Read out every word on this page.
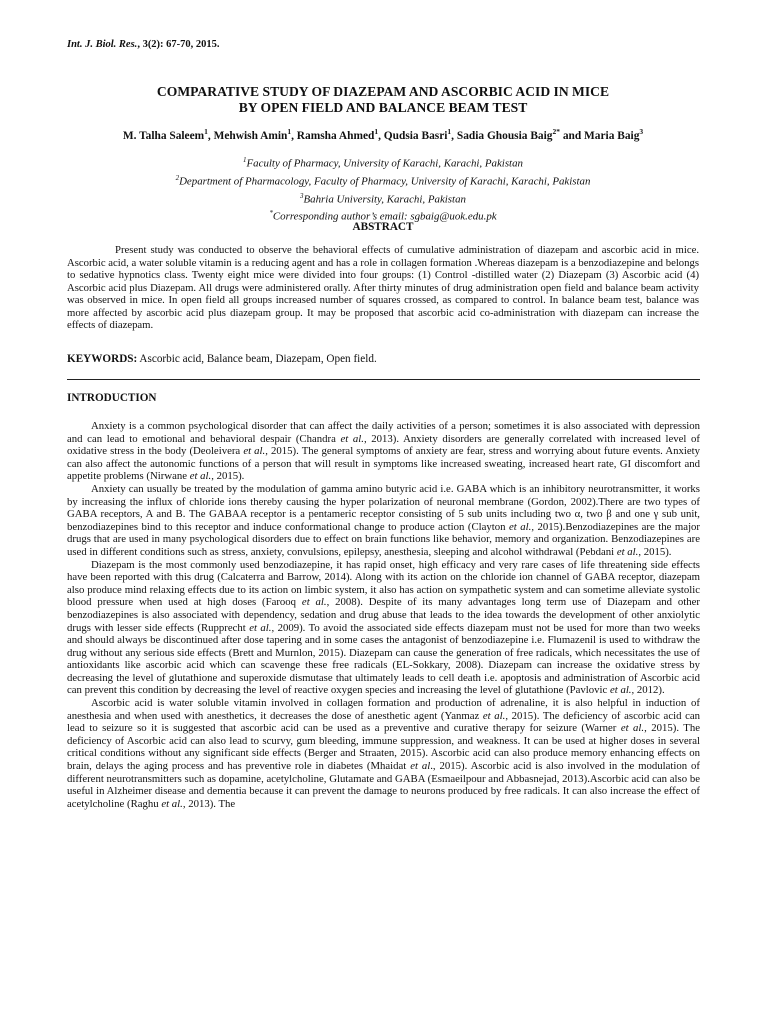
Int. J. Biol. Res., 3(2): 67-70, 2015.
COMPARATIVE STUDY OF DIAZEPAM AND ASCORBIC ACID IN MICE
BY OPEN FIELD AND BALANCE BEAM TEST
M. Talha Saleem$^1$, Mehwish Amin$^1$, Ramsha Ahmed$^1$, Qudsia Basri$^1$, Sadia Ghousia Baig$^{2*}$ and Maria Baig$^3$
$^1$Faculty of Pharmacy, University of Karachi, Karachi, Pakistan
$^2$Department of Pharmacology, Faculty of Pharmacy, University of Karachi, Karachi, Pakistan
$^3$Bahria University, Karachi, Pakistan
*Corresponding author’s email: sgbaig@uok.edu.pk
ABSTRACT

Present study was conducted to observe the behavioral effects of cumulative administration of diazepam and ascorbic acid in mice. Ascorbic acid, a water soluble vitamin is a reducing agent and has a role in collagen formation .Whereas diazepam is a benzodiazepine and belongs to sedative hypnotics class. Twenty eight mice were divided into four groups: (1) Control -distilled water (2) Diazepam (3) Ascorbic acid (4) Ascorbic acid plus Diazepam. All drugs were administered orally. After thirty minutes of drug administration open field and balance beam activity was observed in mice. In open field all groups increased number of squares crossed, as compared to control. In balance beam test, balance was more affected by ascorbic acid plus diazepam group. It may be proposed that ascorbic acid co-administration with diazepam can increase the effects of diazepam.

KEYWORDS: Ascorbic acid, Balance beam, Diazepam, Open field.
INTRODUCTION

Anxiety is a common psychological disorder that can affect the daily activities of a person; sometimes it is also associated with depression and can lead to emotional and behavioral despair (Chandra et al., 2013). Anxiety disorders are generally correlated with increased level of oxidative stress in the body (Deoleivera et al., 2015). The general symptoms of anxiety are fear, stress and worrying about future events. Anxiety can also affect the autonomic functions of a person that will result in symptoms like increased sweating, increased heart rate, GI discomfort and appetite problems (Nirwane et al., 2015).

Anxiety can usually be treated by the modulation of gamma amino butyric acid i.e. GABA which is an inhibitory neurotransmitter, it works by increasing the influx of chloride ions thereby causing the hyper polarization of neuronal membrane (Gordon, 2002).There are two types of GABA receptors, A and B. The GABAA receptor is a pentameric receptor consisting of 5 sub units including two α, two β and one γ sub unit, benzodiazepines bind to this receptor and induce conformational change to produce action (Clayton et al., 2015).Benzodiazepines are the major drugs that are used in many psychological disorders due to effect on brain functions like behavior, memory and organization. Benzodiazepines are used in different conditions such as stress, anxiety, convulsions, epilepsy, anesthesia, sleeping and alcohol withdrawal (Pebdani et al., 2015).

Diazepam is the most commonly used benzodiazepine, it has rapid onset, high efficacy and very rare cases of life threatening side effects have been reported with this drug (Calcaterra and Barrow, 2014). Along with its action on the chloride ion channel of GABA receptor, diazepam also produce mind relaxing effects due to its action on limbic system, it also has action on sympathetic system and can sometime alleviate systolic blood pressure when used at high doses (Farooq et al., 2008). Despite of its many advantages long term use of Diazepam and other benzodiazepines is also associated with dependency, sedation and drug abuse that leads to the idea towards the development of other anxiolytic drugs with lesser side effects (Rupprecht et al., 2009). To avoid the associated side effects diazepam must not be used for more than two weeks and should always be discontinued after dose tapering and in some cases the antagonist of benzodiazepine i.e. Flumazenil is used to withdraw the drug without any serious side effects (Brett and Murnlon, 2015). Diazepam can cause the generation of free radicals, which necessitates the use of antioxidants like ascorbic acid which can scavenge these free radicals (EL-Sokkary, 2008). Diazepam can increase the oxidative stress by decreasing the level of glutathione and superoxide dismutase that ultimately leads to cell death i.e. apoptosis and administration of Ascorbic acid can prevent this condition by decreasing the level of reactive oxygen species and increasing the level of glutathione (Pavlovic et al., 2012).

Ascorbic acid is water soluble vitamin involved in collagen formation and production of adrenaline, it is also helpful in induction of anesthesia and when used with anesthetics, it decreases the dose of anesthetic agent (Yanmaz et al., 2015). The deficiency of ascorbic acid can lead to seizure so it is suggested that ascorbic acid can be used as a preventive and curative therapy for seizure (Warner et al., 2015). The deficiency of Ascorbic acid can also lead to scurvy, gum bleeding, immune suppression, and weakness. It can be used at higher doses in several critical conditions without any significant side effects (Berger and Straaten, 2015). Ascorbic acid can also produce memory enhancing effects on brain, delays the aging process and has preventive role in diabetes (Mhaidat et al., 2015). Ascorbic acid is also involved in the modulation of different neurotransmitters such as dopamine, acetylcholine, Glutamate and GABA (Esmaeilpour and Abbasnejad, 2013).Ascorbic acid can also be useful in Alzheimer disease and dementia because it can prevent the damage to neurons produced by free radicals. It can also increase the effect of acetylcholine (Raghu et al., 2013). The
